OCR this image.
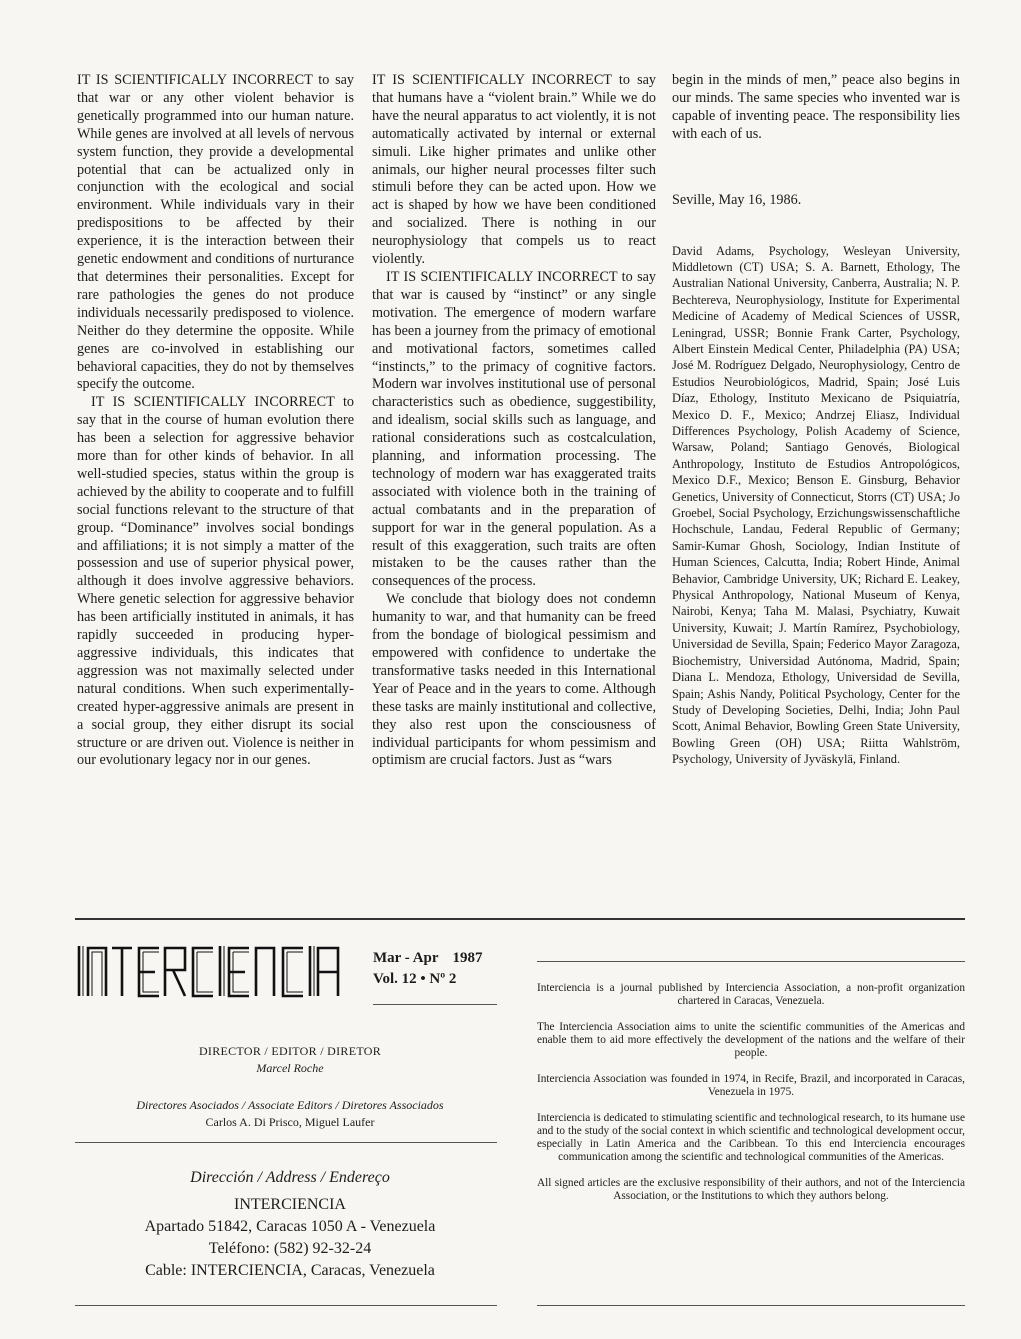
IT IS SCIENTIFICALLY INCORRECT to say that war or any other violent behavior is genetically programmed into our human nature. While genes are involved at all levels of nervous system function, they provide a developmental potential that can be actualized only in conjunction with the ecological and social environment. While individuals vary in their predispositions to be affected by their experience, it is the interaction between their genetic endowment and conditions of nurturance that determines their personalities. Except for rare pathologies the genes do not produce individuals necessarily predisposed to violence. Neither do they determine the opposite. While genes are co-involved in establishing our behavioral capacities, they do not by themselves specify the outcome.

IT IS SCIENTIFICALLY INCORRECT to say that in the course of human evolution there has been a selection for aggressive behavior more than for other kinds of behavior. In all well-studied species, status within the group is achieved by the ability to cooperate and to fulfill social functions relevant to the structure of that group. “Dominance” involves social bondings and affiliations; it is not simply a matter of the possession and use of superior physical power, although it does involve aggressive behaviors. Where genetic selection for aggressive behavior has been artificially instituted in animals, it has rapidly succeeded in producing hyper-aggressive individuals, this indicates that aggression was not maximally selected under natural conditions. When such experimentally-created hyper-aggressive animals are present in a social group, they either disrupt its social structure or are driven out. Violence is neither in our evolutionary legacy nor in our genes.

IT IS SCIENTIFICALLY INCORRECT to say that humans have a “violent brain.” While we do have the neural apparatus to act violently, it is not automatically activated by internal or external simuli. Like higher primates and unlike other animals, our higher neural processes filter such stimuli before they can be acted upon. How we act is shaped by how we have been conditioned and socialized. There is nothing in our neurophysiology that compels us to react violently.

IT IS SCIENTIFICALLY INCORRECT to say that war is caused by “instinct” or any single motivation. The emergence of modern warfare has been a journey from the primacy of emotional and motivational factors, sometimes called “instincts,” to the primacy of cognitive factors. Modern war involves institutional use of personal characteristics such as obedience, suggestibility, and idealism, social skills such as language, and rational considerations such as costcalculation, planning, and information processing. The technology of modern war has exaggerated traits associated with violence both in the training of actual combatants and in the preparation of support for war in the general population. As a result of this exaggeration, such traits are often mistaken to be the causes rather than the consequences of the process.

We conclude that biology does not condemn humanity to war, and that humanity can be freed from the bondage of biological pessimism and empowered with confidence to undertake the transformative tasks needed in this International Year of Peace and in the years to come. Although these tasks are mainly institutional and collective, they also rest upon the consciousness of individual participants for whom pessimism and optimism are crucial factors. Just as “wars

begin in the minds of men,” peace also begins in our minds. The same species who invented war is capable of inventing peace. The responsibility lies with each of us.

Seville, May 16, 1986.

David Adams, Psychology, Wesleyan University, Middletown (CT) USA; S. A. Barnett, Ethology, The Australian National University, Canberra, Australia; N. P. Bechtereva, Neurophysiology, Institute for Experimental Medicine of Academy of Medical Sciences of USSR, Leningrad, USSR; Bonnie Frank Carter, Psychology, Albert Einstein Medical Center, Philadelphia (PA) USA; José M. Rodríguez Delgado, Neurophysiology, Centro de Estudios Neurobiológicos, Madrid, Spain; José Luis Díaz, Ethology, Instituto Mexicano de Psiquiatría, Mexico D. F., Mexico; Andrzej Eliasz, Individual Differences Psychology, Polish Academy of Science, Warsaw, Poland; Santiago Genovés, Biological Anthropology, Instituto de Estudios Antropológicos, Mexico D.F., Mexico; Benson E. Ginsburg, Behavior Genetics, University of Connecticut, Storrs (CT) USA; Jo Groebel, Social Psychology, Erzichungswissenschaftliche Hochschule, Landau, Federal Republic of Germany; Samir-Kumar Ghosh, Sociology, Indian Institute of Human Sciences, Calcutta, India; Robert Hinde, Animal Behavior, Cambridge University, UK; Richard E. Leakey, Physical Anthropology, National Museum of Kenya, Nairobi, Kenya; Taha M. Malasi, Psychiatry, Kuwait University, Kuwait; J. Martín Ramírez, Psychobiology, Universidad de Sevilla, Spain; Federico Mayor Zaragoza, Biochemistry, Universidad Autónoma, Madrid, Spain; Diana L. Mendoza, Ethology, Universidad de Sevilla, Spain; Ashis Nandy, Political Psychology, Center for the Study of Developing Societies, Delhi, India; John Paul Scott, Animal Behavior, Bowling Green State University, Bowling Green (OH) USA; Riitta Wahlström, Psychology, University of Jyväskylä, Finland.

Mar - Apr 1987
Vol. 12 • Nº 2
DIRECTOR / EDITOR / DIRETOR
Marcel Roche
Directores Asociados / Associate Editors / Diretores Associados
Carlos A. Di Prisco, Miguel Laufer
Dirección / Address / Endereço
INTERCIENCIA
Apartado 51842, Caracas 1050 A - Venezuela
Teléfono: (582) 92-32-24
Cable: INTERCIENCIA, Caracas, Venezuela

Interciencia is a journal published by Interciencia Association, a non-profit organization chartered in Caracas, Venezuela.

The Interciencia Association aims to unite the scientific communities of the Americas and enable them to aid more effectively the development of the nations and the welfare of their people.

Interciencia Association was founded in 1974, in Recife, Brazil, and incorporated in Caracas, Venezuela in 1975.

Interciencia is dedicated to stimulating scientific and technological research, to its humane use and to the study of the social context in which scientific and technological development occur, especially in Latin America and the Caribbean. To this end Interciencia encourages communication among the scientific and technological communities of the Americas.

All signed articles are the exclusive responsibility of their authors, and not of the Interciencia Association, or the Institutions to which they authors belong.
